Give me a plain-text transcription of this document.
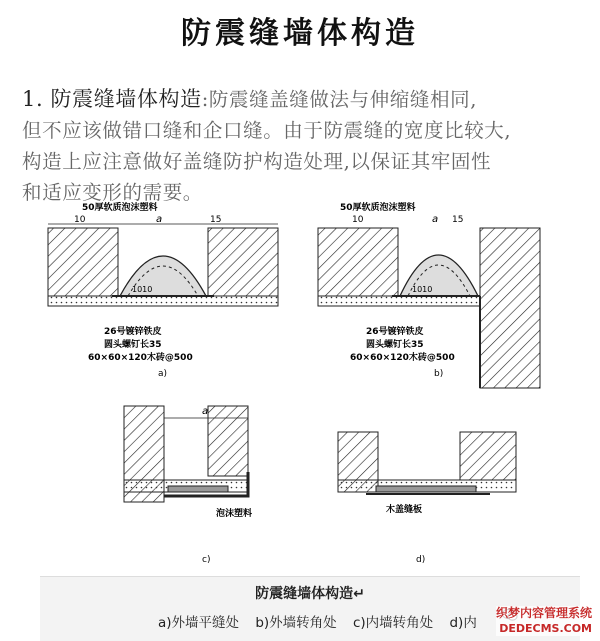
防震缝墙体构造
1. 防震缝墙体构造:防震缝盖缝做法与伸缩缝相同,
但不应该做错口缝和企口缝。由于防震缝的宽度比较大,
构造上应注意做好盖缝防护构造处理,以保证其牢固性
和适应变形的需要。
50厚软质泡沫塑料
a
10	15
1010
26号镀锌铁皮
圆头螺钉长35
60×60×120木砖@500
a)
50厚软质泡沫塑料
a
10	15
1010
26号镀锌铁皮
圆头螺钉长35
60×60×120木砖@500
b)
a
泡沫塑料
c)
木盖缝板
d)
防震缝墙体构造↵
a)外墙平缝处 b)外墙转角处 c)内墙转角处 d)内
织梦内容管理系统
DEDECMS.COM
